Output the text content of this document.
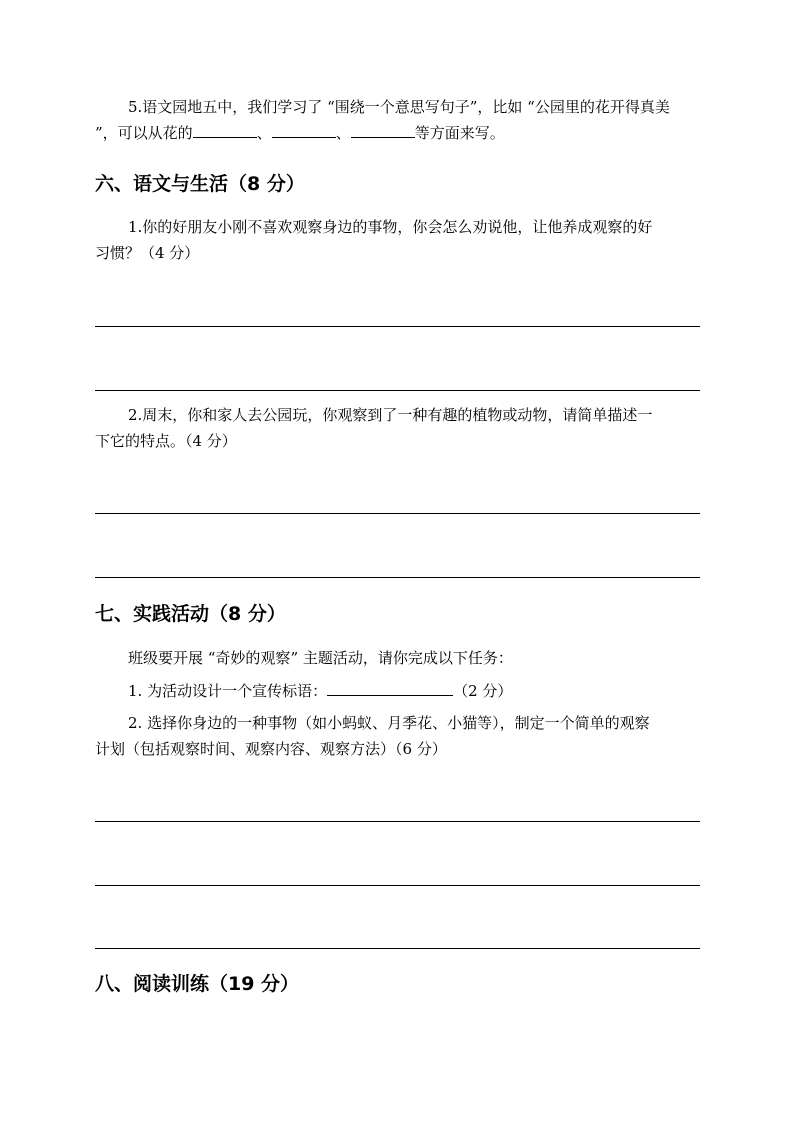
5.语文园地五中，我们学习了 “围绕一个意思写句子”，比如 “公园里的花开得真美
”，可以从花的	、	、	等方面来写。
六、语文与生活（8 分）
1.你的好朋友小刚不喜欢观察身边的事物，你会怎么劝说他，让他养成观察的好
习惯？（4 分）
2.周末，你和家人去公园玩，你观察到了一种有趣的植物或动物，请简单描述一
下它的特点。（4 分）
七、实践活动（8 分）
班级要开展 “奇妙的观察” 主题活动，请你完成以下任务：
1. 为活动设计一个宣传标语：	（2 分）
2. 选择你身边的一种事物（如小蚂蚁、月季花、小猫等），制定一个简单的观察
计划（包括观察时间、观察内容、观察方法）（6 分）
八、阅读训练（19 分）
